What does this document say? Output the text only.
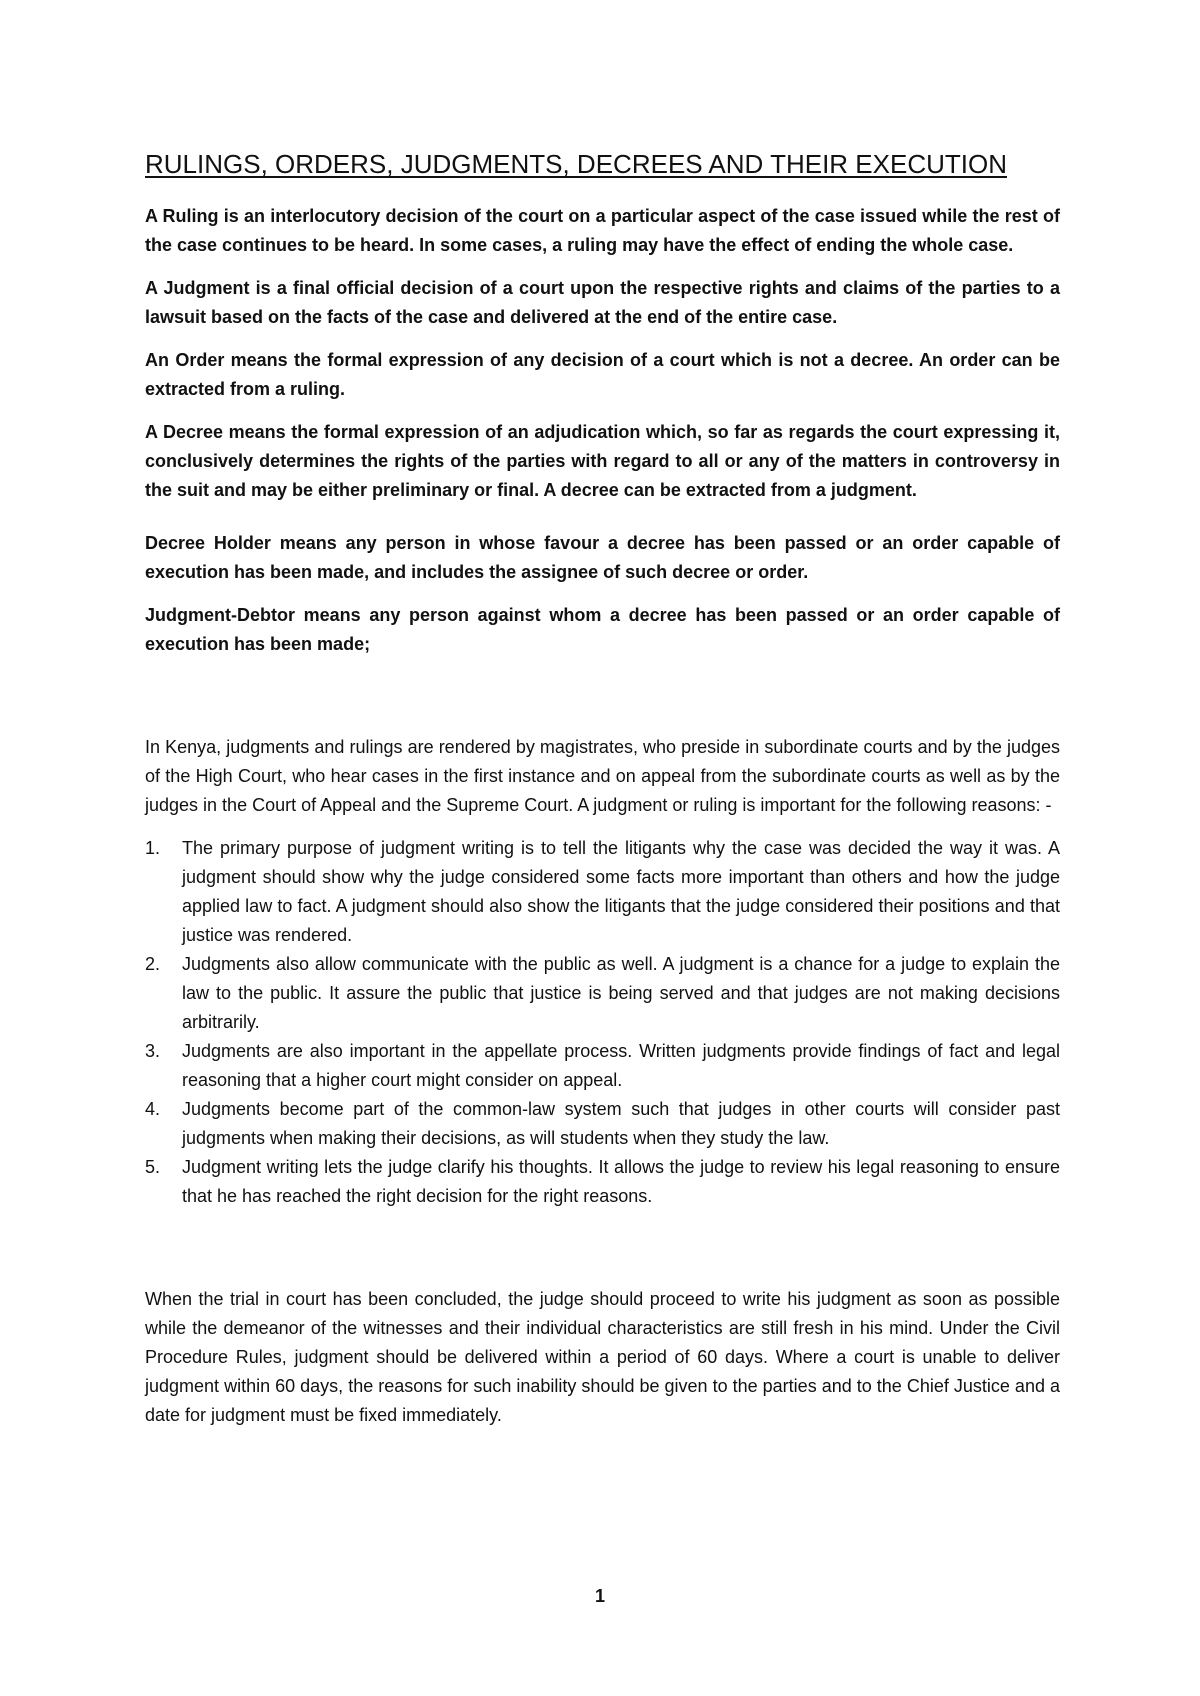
RULINGS, ORDERS, JUDGMENTS, DECREES AND THEIR EXECUTION

A Ruling is an interlocutory decision of the court on a particular aspect of the case issued while the rest of the case continues to be heard. In some cases, a ruling may have the effect of ending the whole case.

A Judgment is a final official decision of a court upon the respective rights and claims of the parties to a lawsuit based on the facts of the case and delivered at the end of the entire case.

An Order means the formal expression of any decision of a court which is not a decree. An order can be extracted from a ruling.

A Decree means the formal expression of an adjudication which, so far as regards the court expressing it, conclusively determines the rights of the parties with regard to all or any of the matters in controversy in the suit and may be either preliminary or final. A decree can be extracted from a judgment.

Decree Holder means any person in whose favour a decree has been passed or an order capable of execution has been made, and includes the assignee of such decree or order.

Judgment-Debtor means any person against whom a decree has been passed or an order capable of execution has been made;

In Kenya, judgments and rulings are rendered by magistrates, who preside in subordinate courts and by the judges of the High Court, who hear cases in the first instance and on appeal from the subordinate courts as well as by the judges in the Court of Appeal and the Supreme Court. A judgment or ruling is important for the following reasons: -

1. The primary purpose of judgment writing is to tell the litigants why the case was decided the way it was. A judgment should show why the judge considered some facts more important than others and how the judge applied law to fact. A judgment should also show the litigants that the judge considered their positions and that justice was rendered.
2. Judgments also allow communicate with the public as well. A judgment is a chance for a judge to explain the law to the public. It assure the public that justice is being served and that judges are not making decisions arbitrarily.
3. Judgments are also important in the appellate process. Written judgments provide findings of fact and legal reasoning that a higher court might consider on appeal.
4. Judgments become part of the common-law system such that judges in other courts will consider past judgments when making their decisions, as will students when they study the law.
5. Judgment writing lets the judge clarify his thoughts. It allows the judge to review his legal reasoning to ensure that he has reached the right decision for the right reasons.

When the trial in court has been concluded, the judge should proceed to write his judgment as soon as possible while the demeanor of the witnesses and their individual characteristics are still fresh in his mind. Under the Civil Procedure Rules, judgment should be delivered within a period of 60 days. Where a court is unable to deliver judgment within 60 days, the reasons for such inability should be given to the parties and to the Chief Justice and a date for judgment must be fixed immediately.

1
